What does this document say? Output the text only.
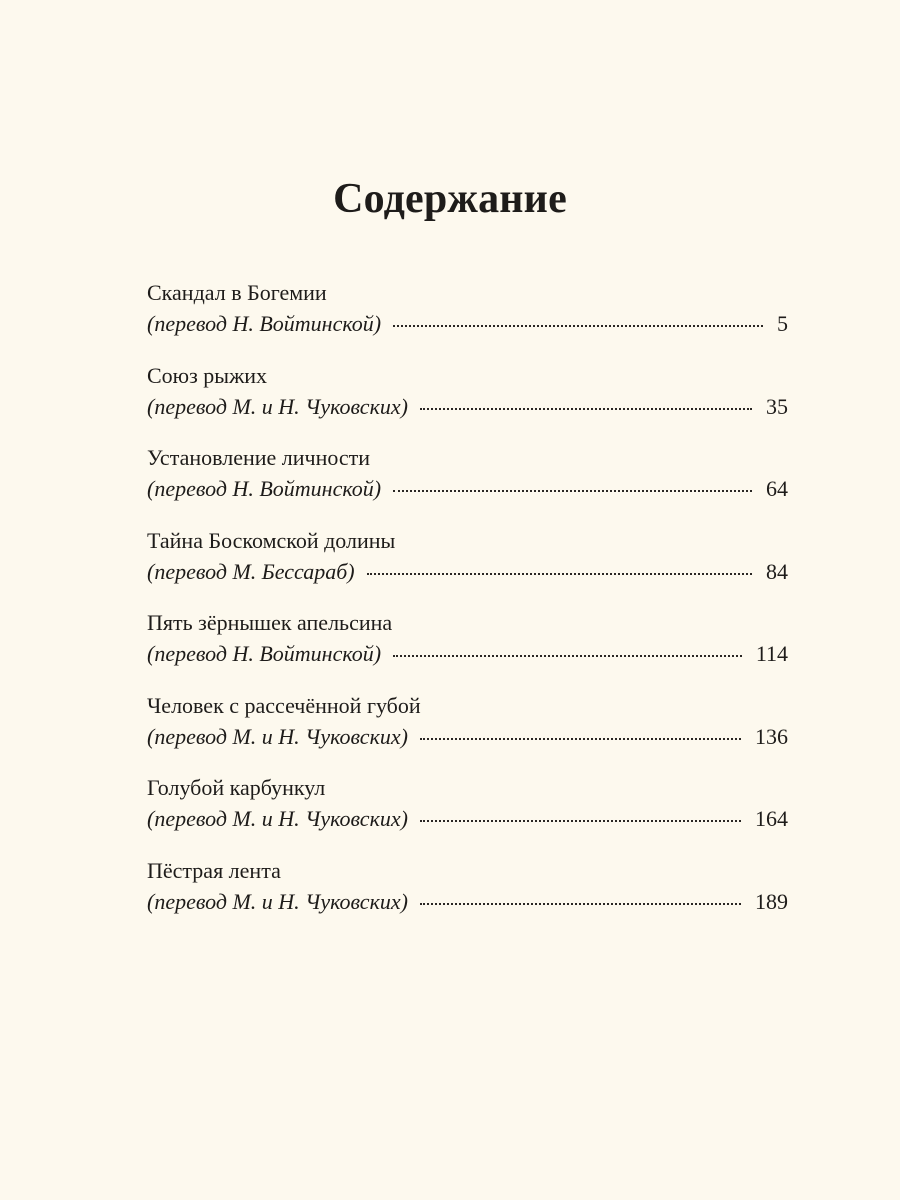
Содержание
Скандал в Богемии
(перевод Н. Войтинской)	5
Союз рыжих
(перевод М. и Н. Чуковских)	35
Установление личности
(перевод Н. Войтинской)	64
Тайна Боскомской долины
(перевод М. Бессараб)	84
Пять зёрнышек апельсина
(перевод Н. Войтинской)	114
Человек с рассечённой губой
(перевод М. и Н. Чуковских)	136
Голубой карбункул
(перевод М. и Н. Чуковских)	164
Пёстрая лента
(перевод М. и Н. Чуковских)	189
